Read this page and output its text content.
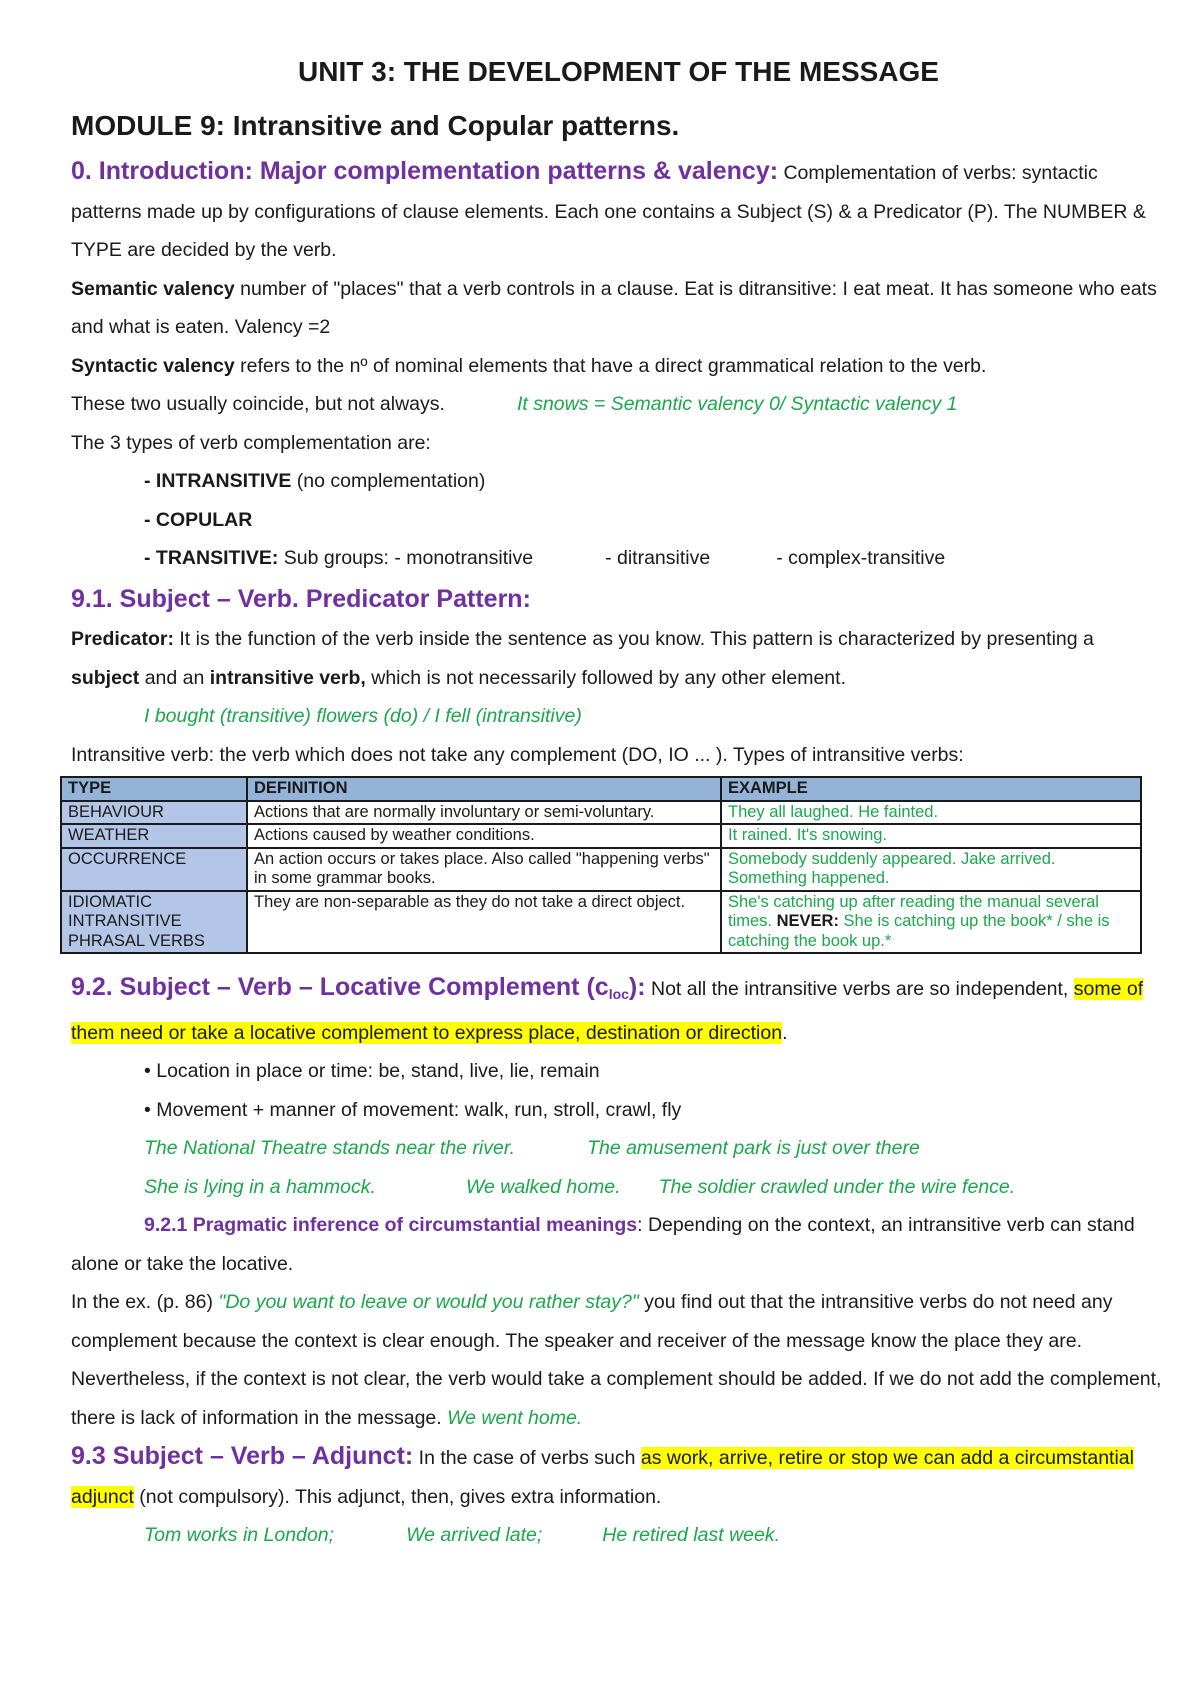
UNIT 3: THE DEVELOPMENT OF THE MESSAGE
MODULE 9: Intransitive and Copular patterns.
0. Introduction: Major complementation patterns & valency: Complementation of verbs: syntactic patterns made up by configurations of clause elements. Each one contains a Subject (S) & a Predicator (P). The NUMBER & TYPE are decided by the verb.
Semantic valency number of "places" that a verb controls in a clause. Eat is ditransitive: I eat meat. It has someone who eats and what is eaten. Valency =2
Syntactic valency refers to the nº of nominal elements that have a direct grammatical relation to the verb.
These two usually coincide, but not always.	It snows = Semantic valency 0/ Syntactic valency 1
The 3 types of verb complementation are:
- INTRANSITIVE (no complementation)
- COPULAR
- TRANSITIVE: Sub groups: - monotransitive	- ditransitive	- complex-transitive
9.1. Subject – Verb. Predicator Pattern:
Predicator: It is the function of the verb inside the sentence as you know. This pattern is characterized by presenting a subject and an intransitive verb, which is not necessarily followed by any other element.
I bought (transitive) flowers (do) / I fell (intransitive)
Intransitive verb: the verb which does not take any complement (DO, IO ... ). Types of intransitive verbs:
TYPE	DEFINITION	EXAMPLE
BEHAVIOUR	Actions that are normally involuntary or semi-voluntary.	They all laughed. He fainted.
WEATHER	Actions caused by weather conditions.	It rained. It's snowing.
OCCURRENCE	An action occurs or takes place. Also called "happening verbs" in some grammar books.	Somebody suddenly appeared. Jake arrived. Something happened.
IDIOMATIC INTRANSITIVE PHRASAL VERBS	They are non-separable as they do not take a direct object.	She's catching up after reading the manual several times. NEVER: She is catching up the book* / she is catching the book up.*
9.2. Subject – Verb – Locative Complement (cloc): Not all the intransitive verbs are so independent, some of them need or take a locative complement to express place, destination or direction.
• Location in place or time: be, stand, live, lie, remain
• Movement + manner of movement: walk, run, stroll, crawl, fly
The National Theatre stands near the river.	The amusement park is just over there
She is lying in a hammock.	We walked home. The soldier crawled under the wire fence.
9.2.1 Pragmatic inference of circumstantial meanings: Depending on the context, an intransitive verb can stand alone or take the locative.
In the ex. (p. 86) "Do you want to leave or would you rather stay?" you find out that the intransitive verbs do not need any complement because the context is clear enough. The speaker and receiver of the message know the place they are. Nevertheless, if the context is not clear, the verb would take a complement should be added. If we do not add the complement, there is lack of information in the message. We went home.
9.3 Subject – Verb – Adjunct: In the case of verbs such as work, arrive, retire or stop we can add a circumstantial adjunct (not compulsory). This adjunct, then, gives extra information.
Tom works in London;	We arrived late;	He retired last week.
